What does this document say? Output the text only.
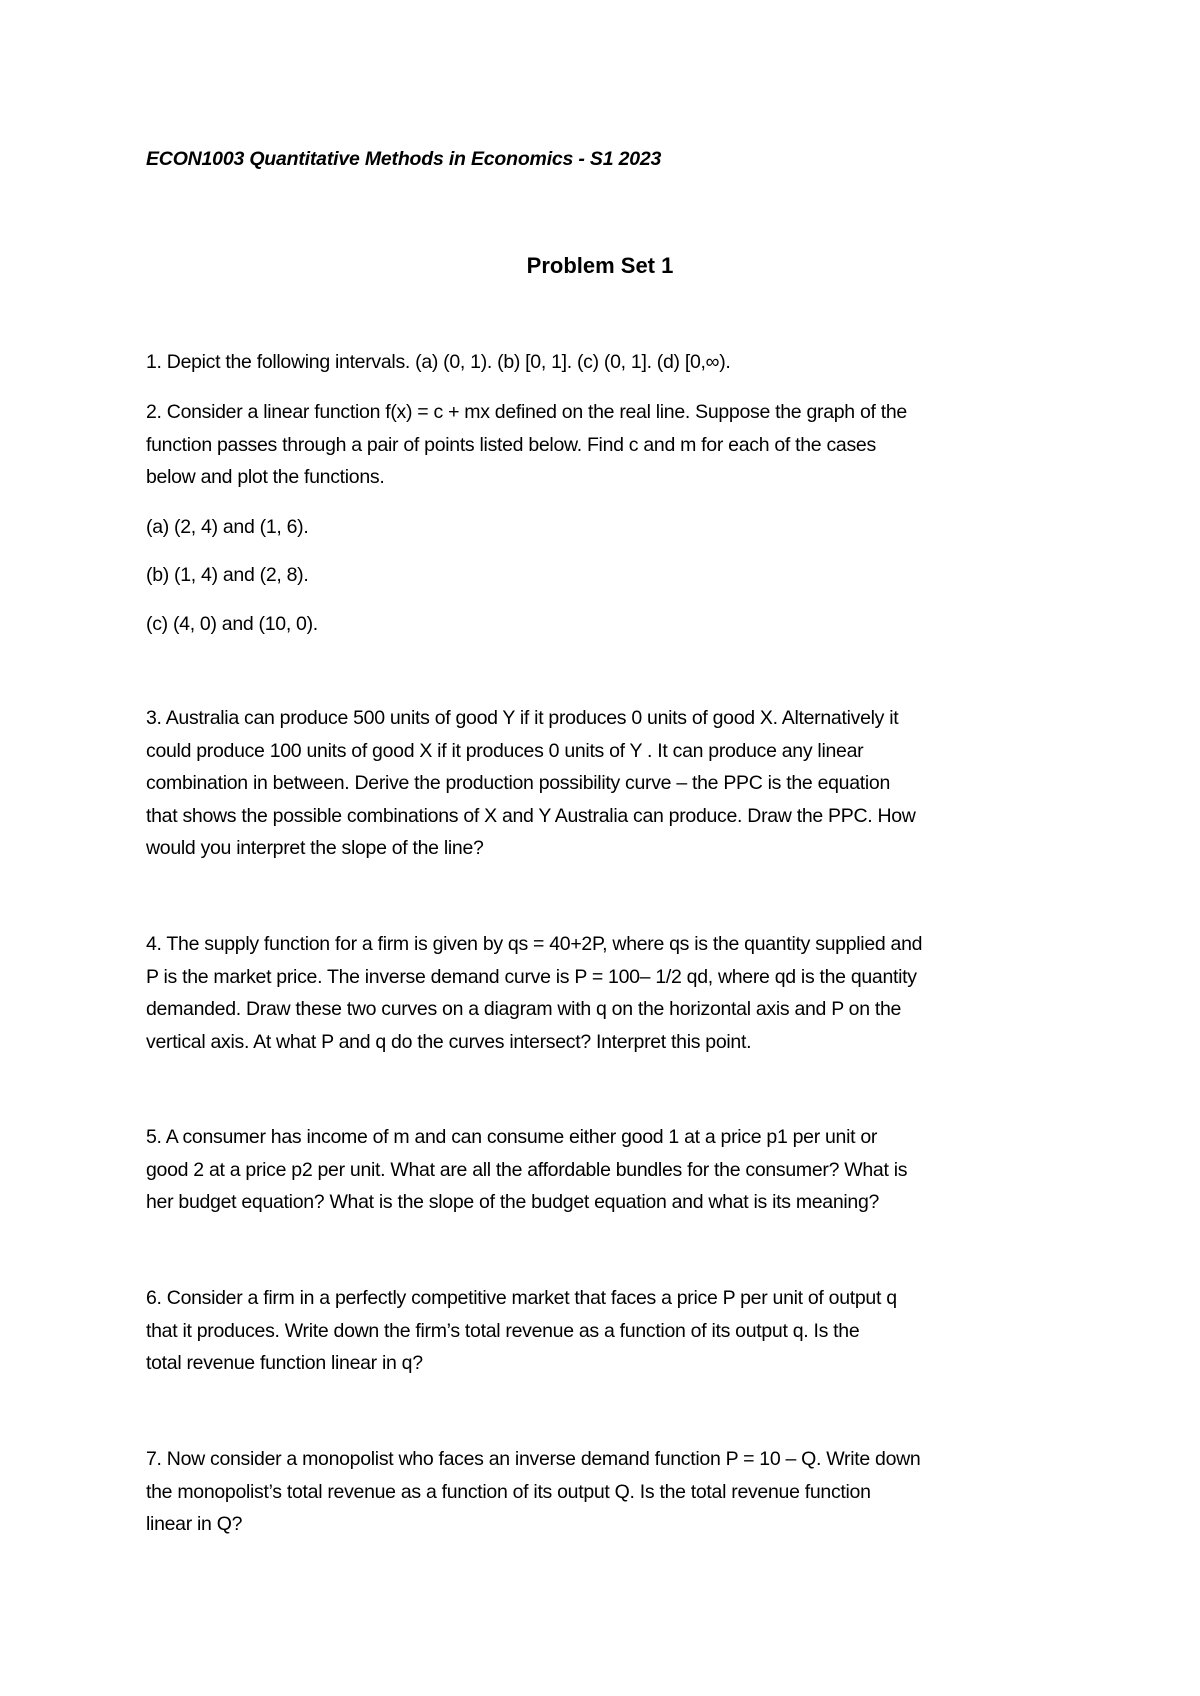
ECON1003 Quantitative Methods in Economics - S1 2023
Problem Set 1
1. Depict the following intervals. (a) (0, 1). (b) [0, 1]. (c) (0, 1]. (d) [0,∞).
2. Consider a linear function f(x) = c + mx defined on the real line. Suppose the graph of the
function passes through a pair of points listed below. Find c and m for each of the cases
below and plot the functions.
(a) (2, 4) and (1, 6).
(b) (1, 4) and (2, 8).
(c) (4, 0) and (10, 0).
3. Australia can produce 500 units of good Y if it produces 0 units of good X. Alternatively it
could produce 100 units of good X if it produces 0 units of Y . It can produce any linear
combination in between. Derive the production possibility curve – the PPC is the equation
that shows the possible combinations of X and Y Australia can produce. Draw the PPC. How
would you interpret the slope of the line?
4. The supply function for a firm is given by qs = 40+2P, where qs is the quantity supplied and
P is the market price. The inverse demand curve is P = 100– 1/2 qd, where qd is the quantity
demanded. Draw these two curves on a diagram with q on the horizontal axis and P on the
vertical axis. At what P and q do the curves intersect? Interpret this point.
5. A consumer has income of m and can consume either good 1 at a price p1 per unit or
good 2 at a price p2 per unit. What are all the affordable bundles for the consumer? What is
her budget equation? What is the slope of the budget equation and what is its meaning?
6. Consider a firm in a perfectly competitive market that faces a price P per unit of output q
that it produces. Write down the firm’s total revenue as a function of its output q. Is the
total revenue function linear in q?
7. Now consider a monopolist who faces an inverse demand function P = 10 – Q. Write down
the monopolist’s total revenue as a function of its output Q. Is the total revenue function
linear in Q?
